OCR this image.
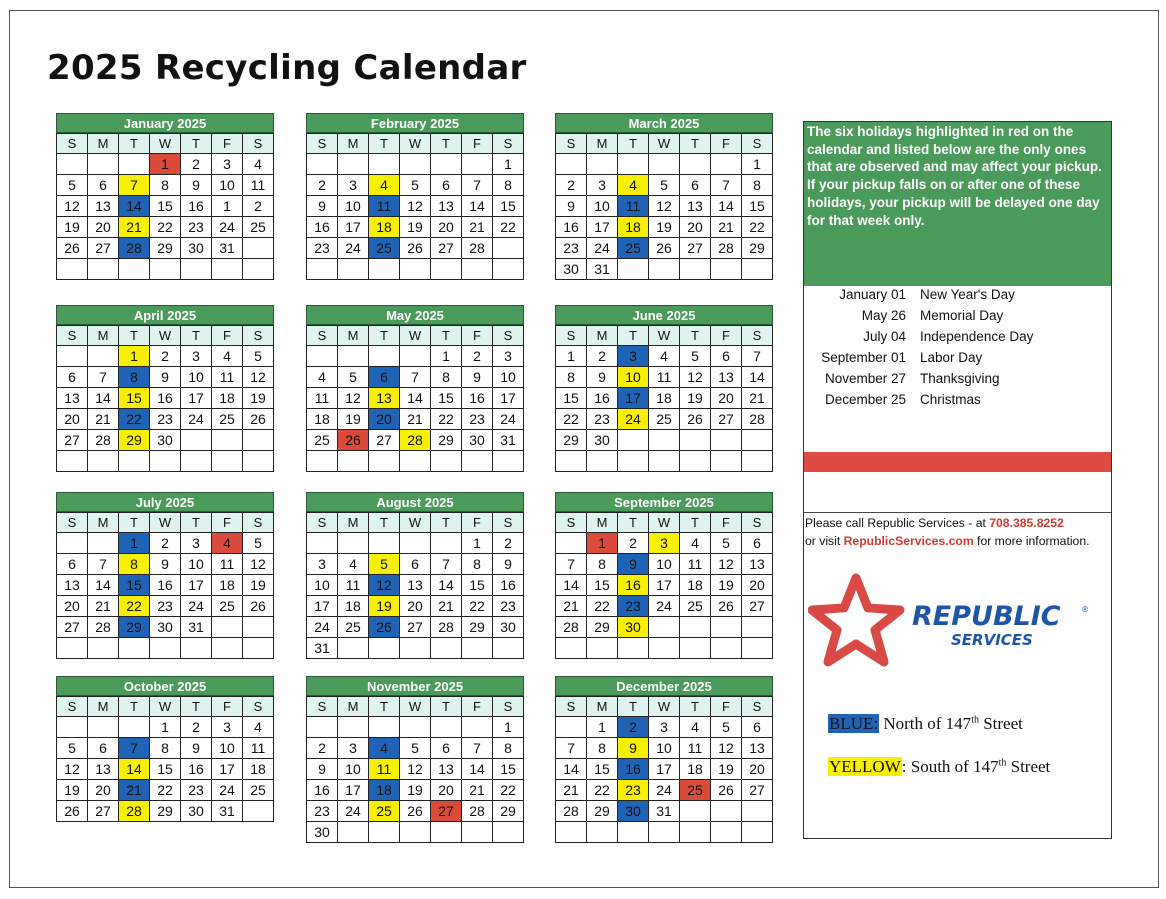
2025 Recycling Calendar
January 2025
S	M	T	W	T	F	S
			1	2	3	4
5	6	7	8	9	10	11
12	13	14	15	16	1	2
19	20	21	22	23	24	25
26	27	28	29	30	31	

February 2025
S	M	T	W	T	F	S
						1
2	3	4	5	6	7	8
9	10	11	12	13	14	15
16	17	18	19	20	21	22
23	24	25	26	27	28	

March 2025
S	M	T	W	T	F	S
						1
2	3	4	5	6	7	8
9	10	11	12	13	14	15
16	17	18	19	20	21	22
23	24	25	26	27	28	29
30	31					
April 2025
S	M	T	W	T	F	S
		1	2	3	4	5
6	7	8	9	10	11	12
13	14	15	16	17	18	19
20	21	22	23	24	25	26
27	28	29	30			

May 2025
S	M	T	W	T	F	S
				1	2	3
4	5	6	7	8	9	10
11	12	13	14	15	16	17
18	19	20	21	22	23	24
25	26	27	28	29	30	31

June 2025
S	M	T	W	T	F	S
1	2	3	4	5	6	7
8	9	10	11	12	13	14
15	16	17	18	19	20	21
22	23	24	25	26	27	28
29	30					

July 2025
S	M	T	W	T	F	S
		1	2	3	4	5
6	7	8	9	10	11	12
13	14	15	16	17	18	19
20	21	22	23	24	25	26
27	28	29	30	31		

August 2025
S	M	T	W	T	F	S
					1	2
3	4	5	6	7	8	9
10	11	12	13	14	15	16
17	18	19	20	21	22	23
24	25	26	27	28	29	30
31						
September 2025
S	M	T	W	T	F	S
	1	2	3	4	5	6
7	8	9	10	11	12	13
14	15	16	17	18	19	20
21	22	23	24	25	26	27
28	29	30				

October 2025
S	M	T	W	T	F	S
			1	2	3	4
5	6	7	8	9	10	11
12	13	14	15	16	17	18
19	20	21	22	23	24	25
26	27	28	29	30	31	
November 2025
S	M	T	W	T	F	S
						1
2	3	4	5	6	7	8
9	10	11	12	13	14	15
16	17	18	19	20	21	22
23	24	25	26	27	28	29
30						
December 2025
S	M	T	W	T	F	S
	1	2	3	4	5	6
7	8	9	10	11	12	13
14	15	16	17	18	19	20
21	22	23	24	25	26	27
28	29	30	31			

The six holidays highlighted in red on the calendar and listed below are the only ones that are observed and may affect your pickup. If your pickup falls on or after one of these holidays, your pickup will be delayed one day for that week only.
January 01	New Year's Day
May 26	Memorial Day
July 04	Independence Day
September 01	Labor Day
November 27	Thanksgiving
December 25	Christmas
Please call Republic Services - at 708.385.8252
or visit RepublicServices.com for more information.
REPUBLIC	®
SERVICES
BLUE: North of 147th Street
YELLOW: South of 147th Street
